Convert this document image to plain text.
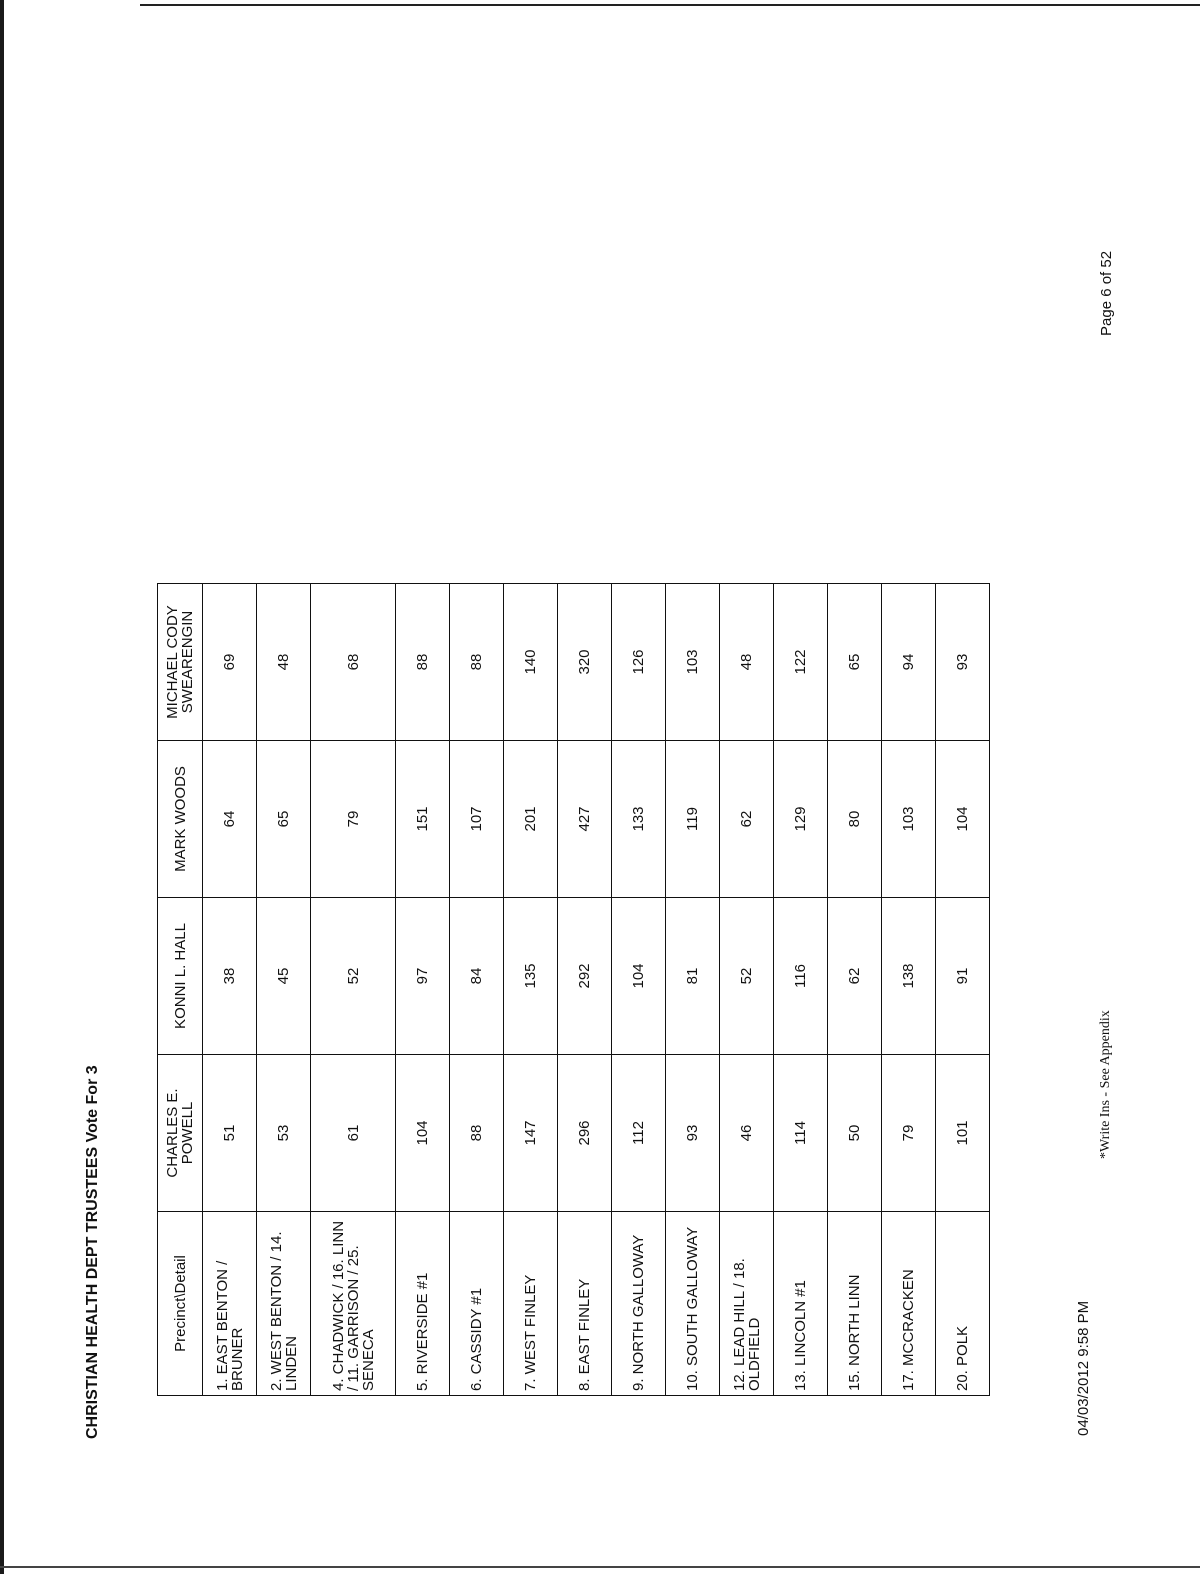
CHRISTIAN HEALTH DEPT TRUSTEES Vote For 3	Precinct\Detail	CHARLES E. POWELL	KONNI L. HALL	MARK WOODS	MICHAEL CODY SWEARENGIN
1. EAST BENTON / BRUNER	51	38	64	69
2. WEST BENTON / 14. LINDEN	53	45	65	48
4. CHADWICK / 16. LINN / 11. GARRISON / 25. SENECA	61	52	79	68
5. RIVERSIDE #1	104	97	151	88
6. CASSIDY #1	88	84	107	88
7. WEST FINLEY	147	135	201	140
8. EAST FINLEY	296	292	427	320
9. NORTH GALLOWAY	112	104	133	126
10. SOUTH GALLOWAY	93	81	119	103
12. LEAD HILL / 18. OLDFIELD	46	52	62	48
13. LINCOLN #1	114	116	129	122
15. NORTH LINN	50	62	80	65
17. MCCRACKEN	79	138	103	94
20. POLK	101	91	104	93
04/03/2012 9:58 PM
*Write Ins - See Appendix
Page 6 of 52
